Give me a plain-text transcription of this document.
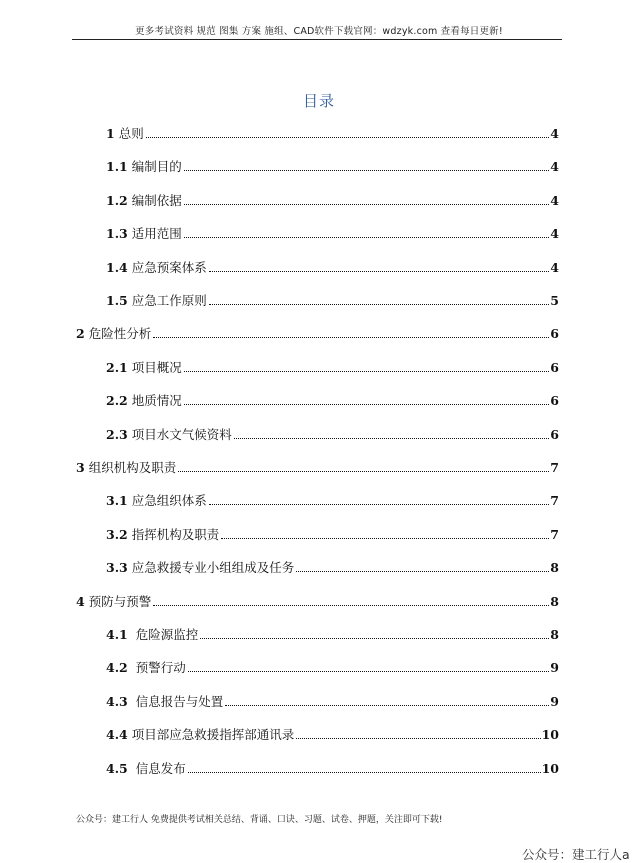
更多考试资料 规范 图集 方案 施组、CAD软件下载官网：wdzyk.com 查看每日更新!
目录
1 总则	4
1.1 编制目的	4
1.2 编制依据	4
1.3 适用范围	4
1.4 应急预案体系	4
1.5 应急工作原则	5
2 危险性分析	6
2.1 项目概况	6
2.2 地质情况	6
2.3 项目水文气候资料	6
3 组织机构及职责	7
3.1 应急组织体系	7
3.2 指挥机构及职责	7
3.3 应急救援专业小组组成及任务	8
4 预防与预警	8
4.1 危险源监控	8
4.2 预警行动	9
4.3 信息报告与处置	9
4.4 项目部应急救援指挥部通讯录	10
4.5 信息发布	10
公众号：建工行人 免费提供考试相关总结、背诵、口诀、习题、试卷、押题，关注即可下载!
公众号：建工行人a
